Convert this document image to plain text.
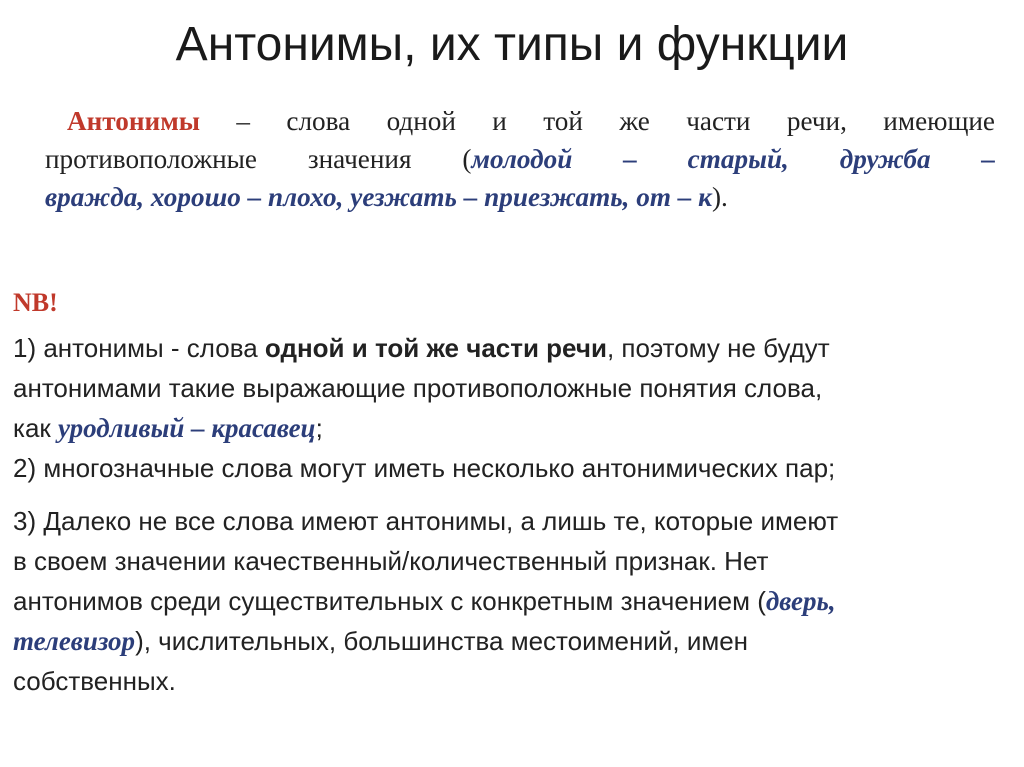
Антонимы, их типы и функции
Антонимы – слова одной и той же части речи, имеющие
противоположные значения (молодой – старый, дружба –
вражда, хорошо – плохо, уезжать – приезжать, от – к).
NB!
1) антонимы - слова одной и той же части речи, поэтому не будут
антонимами такие выражающие противоположные понятия слова,
как уродливый – красавец;
2) многозначные слова могут иметь несколько антонимических пар;
3) Далеко не все слова имеют антонимы, а лишь те, которые имеют
в своем значении качественный/количественный признак. Нет
антонимов среди существительных с конкретным значением (дверь,
телевизор), числительных, большинства местоимений, имен
собственных.
